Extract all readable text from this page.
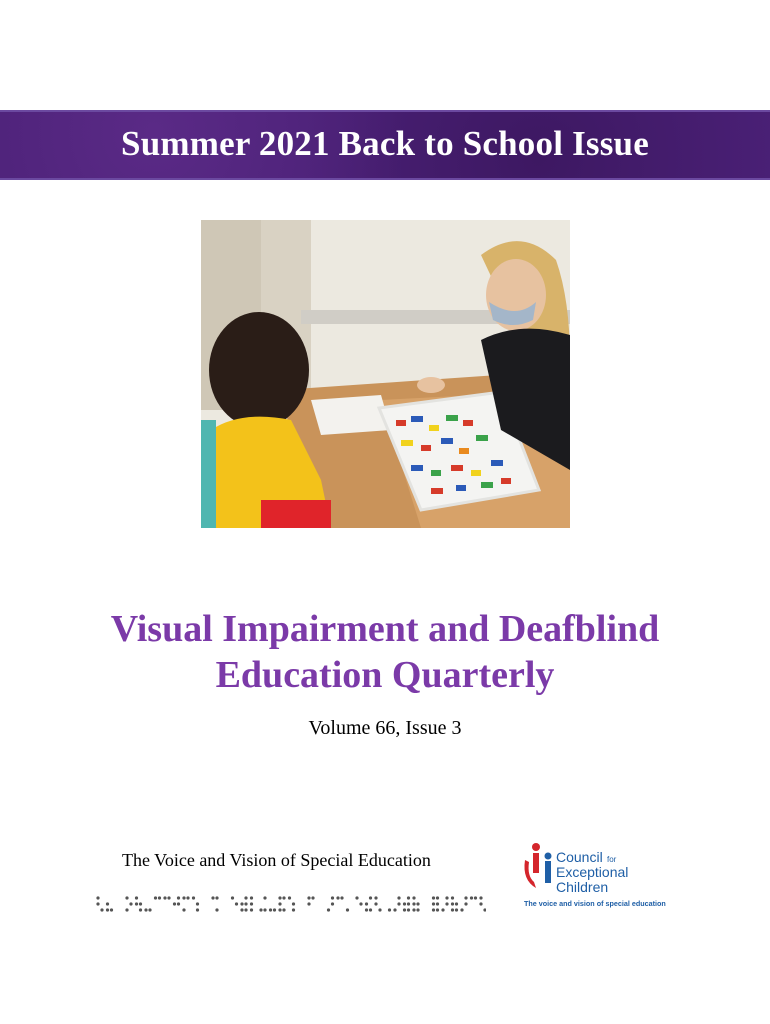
Summer 2021 Back to School Issue
Visual Impairment and Deafblind
Education Quarterly
Volume 66, Issue 3
The Voice and Vision of Special Education	Council for
Exceptional
Children
The voice and vision of special education
